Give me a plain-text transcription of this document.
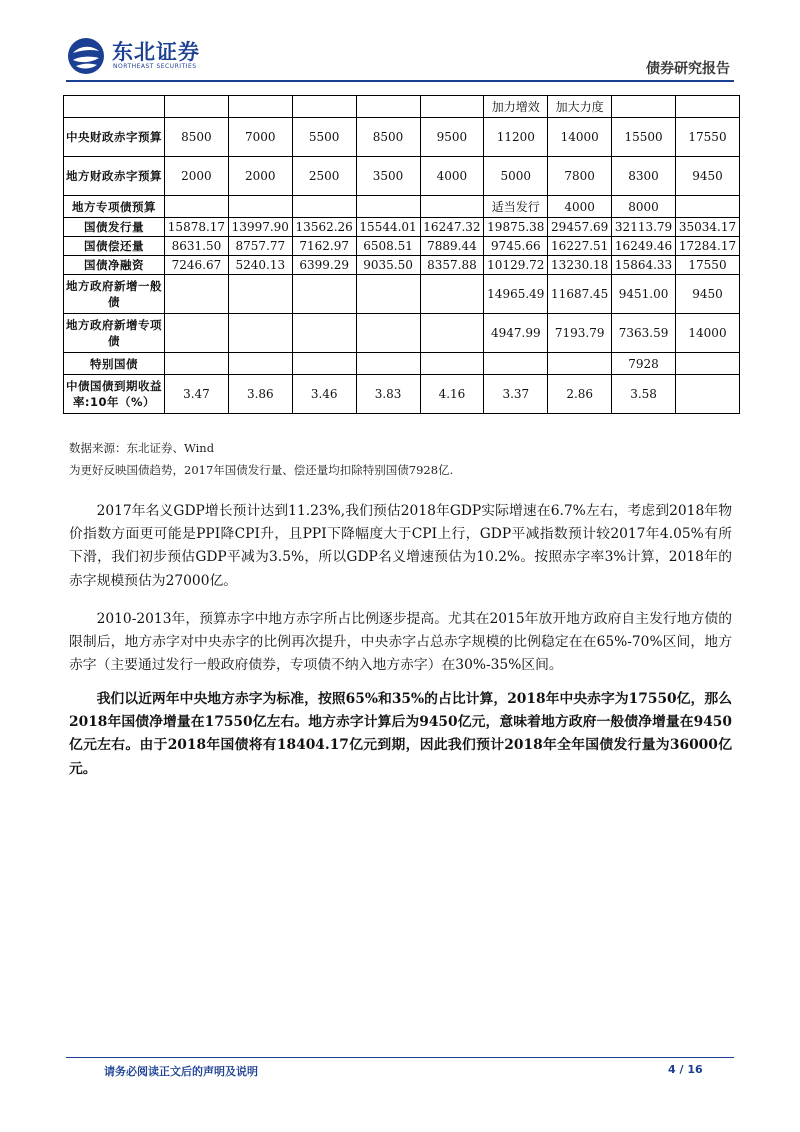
东北证券
NORTHEAST SECURITIES	债券研究报告
						加力增效	加大力度		
中央财政赤字预算	8500	7000	5500	8500	9500	11200	14000	15500	17550
地方财政赤字预算	2000	2000	2500	3500	4000	5000	7800	8300	9450
地方专项债预算						适当发行	4000	8000	
国债发行量	15878.17	13997.90	13562.26	15544.01	16247.32	19875.38	29457.69	32113.79	35034.17
国债偿还量	8631.50	8757.77	7162.97	6508.51	7889.44	9745.66	16227.51	16249.46	17284.17
国债净融资	7246.67	5240.13	6399.29	9035.50	8357.88	10129.72	13230.18	15864.33	17550
地方政府新增一般债						14965.49	11687.45	9451.00	9450
地方政府新增专项债						4947.99	7193.79	7363.59	14000
特别国债								7928	
中债国债到期收益率:10年（%）	3.47	3.86	3.46	3.83	4.16	3.37	2.86	3.58	
数据来源：东北证券、Wind
为更好反映国债趋势，2017年国债发行量、偿还量均扣除特别国债7928亿.
2017年名义GDP增长预计达到11.23%,我们预估2018年GDP实际增速在6.7%左右，考虑到2018年物价指数方面更可能是PPI降CPI升，且PPI下降幅度大于CPI上行，GDP平减指数预计较2017年4.05%有所下滑，我们初步预估GDP平减为3.5%，所以GDP名义增速预估为10.2%。按照赤字率3%计算，2018年的赤字规模预估为27000亿。
2010-2013年，预算赤字中地方赤字所占比例逐步提高。尤其在2015年放开地方政府自主发行地方债的限制后，地方赤字对中央赤字的比例再次提升，中央赤字占总赤字规模的比例稳定在在65%-70%区间，地方赤字（主要通过发行一般政府债券，专项债不纳入地方赤字）在30%-35%区间。
我们以近两年中央地方赤字为标准，按照65%和35%的占比计算，2018年中央赤字为17550亿，那么2018年国债净增量在17550亿左右。地方赤字计算后为9450亿元，意味着地方政府一般债净增量在9450亿元左右。由于2018年国债将有18404.17亿元到期，因此我们预计2018年全年国债发行量为36000亿元。
请务必阅读正文后的声明及说明	4 / 16
